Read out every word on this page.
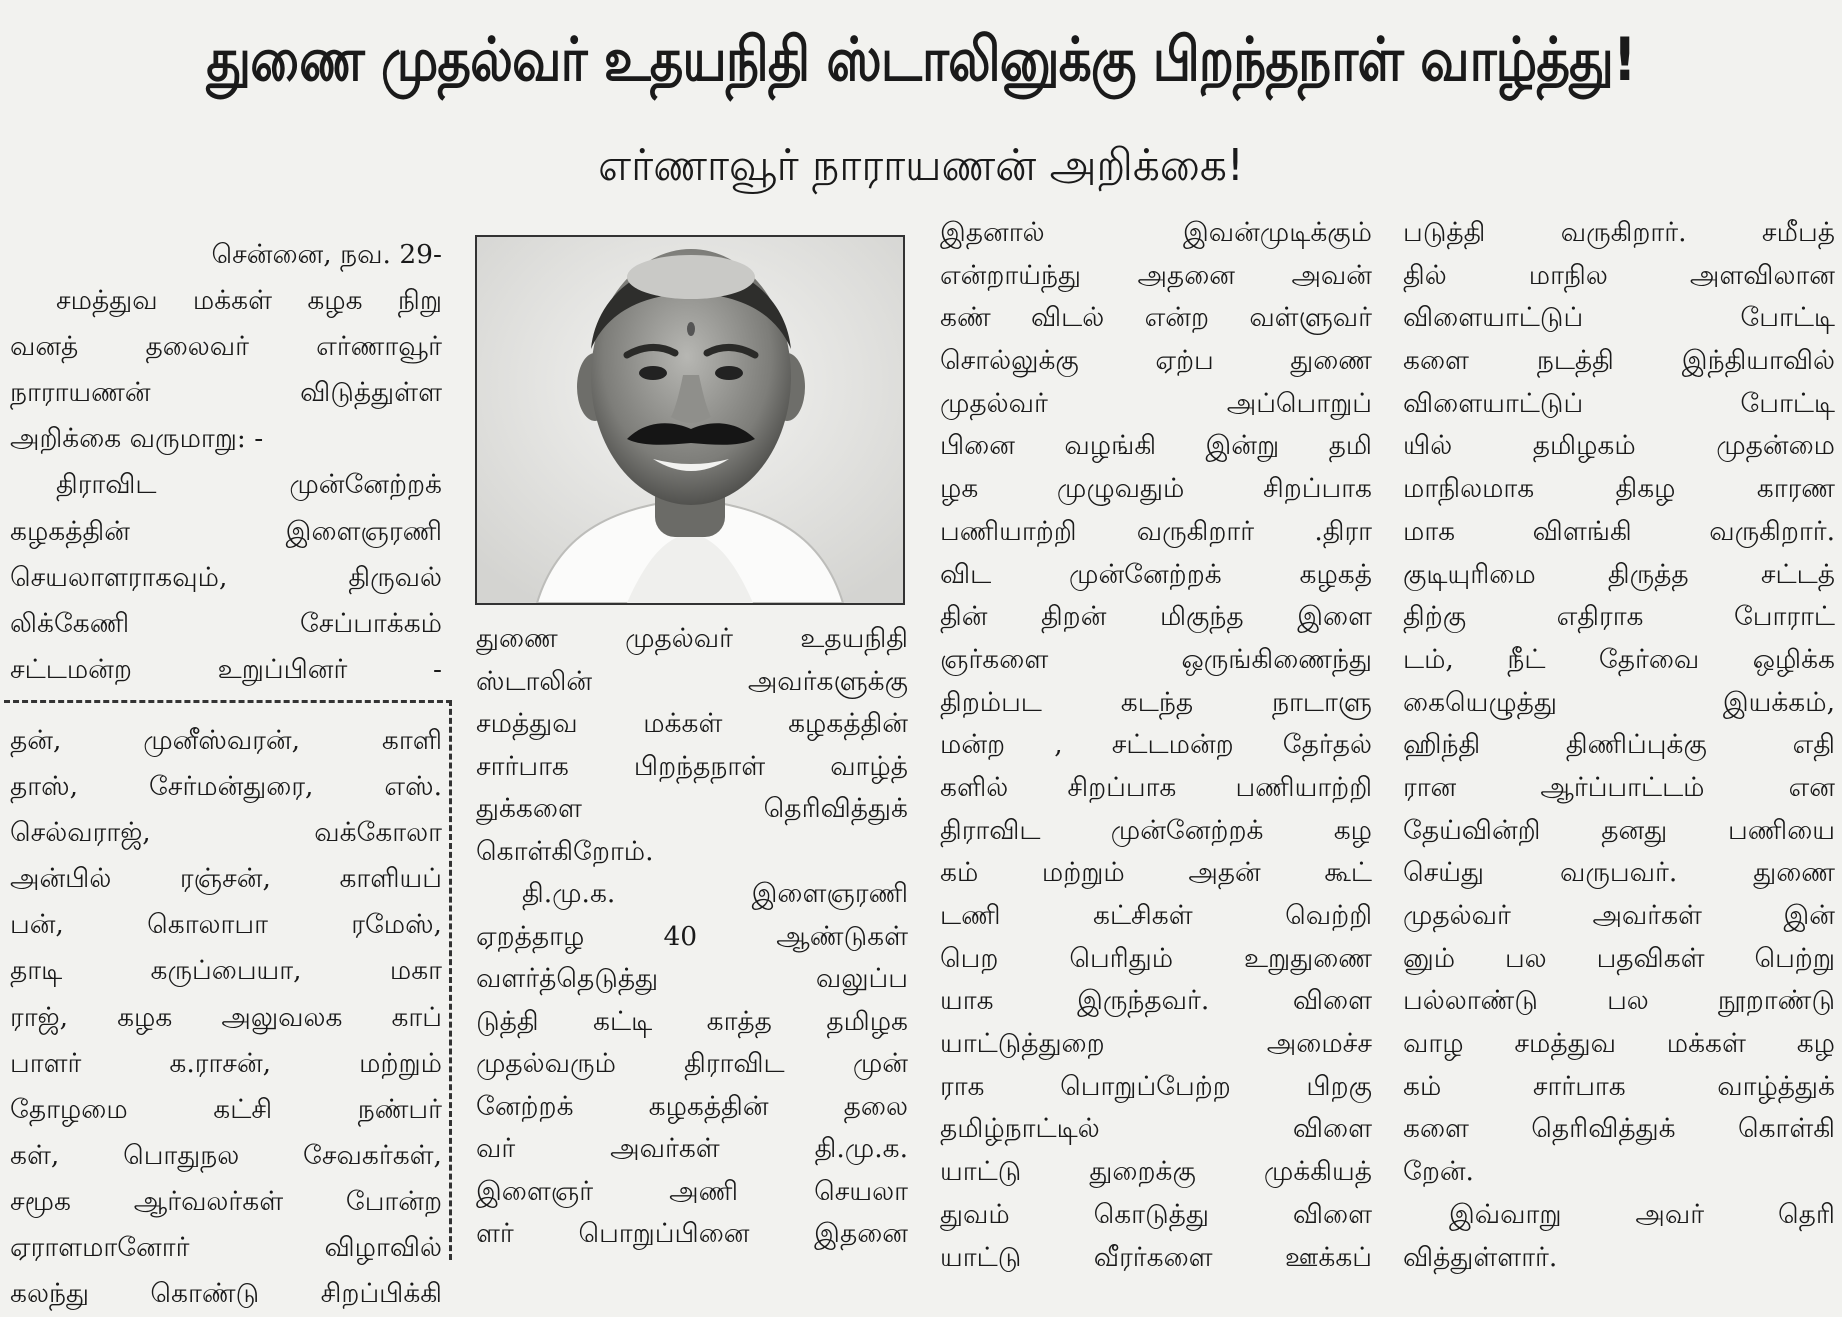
துணை முதல்வர் உதயநிதி ஸ்டாலினுக்கு பிறந்தநாள் வாழ்த்து!
எர்ணாவூர் நாராயணன் அறிக்கை!
சென்னை, நவ. 29-
சமத்துவ மக்கள் கழக நிறு
வனத் தலைவர் எர்ணாவூர்
நாராயணன் விடுத்துள்ள
அறிக்கை வருமாறு: -
திராவிட முன்னேற்றக்
கழகத்தின் இளைஞரணி
செயலாளராகவும், திருவல்
லிக்கேணி சேப்பாக்கம்
சட்டமன்ற உறுப்பினர் -
தன், முனீஸ்வரன், காளி
தாஸ், சேர்மன்துரை, எஸ்.
செல்வராஜ், வக்கோலா
அன்பில் ரஞ்சன், காளியப்
பன், கொலாபா ரமேஸ்,
தாடி கருப்பையா, மகா
ராஜ், கழக அலுவலக காப்
பாளர் க.ராசன், மற்றும்
தோழமை கட்சி நண்பர்
கள், பொதுநல சேவகர்கள்,
சமூக ஆர்வலர்கள் போன்ற
ஏராளமானோர் விழாவில்
கலந்து கொண்டு சிறப்பிக்கி
துணை முதல்வர் உதயநிதி
ஸ்டாலின் அவர்களுக்கு
சமத்துவ மக்கள் கழகத்தின்
சார்பாக பிறந்தநாள் வாழ்த்
துக்களை தெரிவித்துக்
கொள்கிறோம்.
தி.மு.க. இளைஞரணி
ஏறத்தாழ 40 ஆண்டுகள்
வளர்த்தெடுத்து வலுப்ப
டுத்தி கட்டி காத்த தமிழக
முதல்வரும் திராவிட முன்
னேற்றக் கழகத்தின் தலை
வர் அவர்கள் தி.மு.க.
இளைஞர் அணி செயலா
ளர் பொறுப்பினை இதனை
இதனால் இவன்முடிக்கும்
என்றாய்ந்து அதனை அவன்
கண் விடல் என்ற வள்ளுவர்
சொல்லுக்கு ஏற்ப துணை
முதல்வர் அப்பொறுப்
பினை வழங்கி இன்று தமி
ழக முழுவதும் சிறப்பாக
பணியாற்றி வருகிறார் .திரா
விட முன்னேற்றக் கழகத்
தின் திறன் மிகுந்த இளை
ஞர்களை ஒருங்கிணைந்து
திறம்பட கடந்த நாடாளு
மன்ற , சட்டமன்ற தேர்தல்
களில் சிறப்பாக பணியாற்றி
திராவிட முன்னேற்றக் கழ
கம் மற்றும் அதன் கூட்
டணி கட்சிகள் வெற்றி
பெற பெரிதும் உறுதுணை
யாக இருந்தவர். விளை
யாட்டுத்துறை அமைச்ச
ராக பொறுப்பேற்ற பிறகு
தமிழ்நாட்டில் விளை
யாட்டு துறைக்கு முக்கியத்
துவம் கொடுத்து விளை
யாட்டு வீரர்களை ஊக்கப்
படுத்தி வருகிறார். சமீபத்
தில் மாநில அளவிலான
விளையாட்டுப் போட்டி
களை நடத்தி இந்தியாவில்
விளையாட்டுப் போட்டி
யில் தமிழகம் முதன்மை
மாநிலமாக திகழ காரண
மாக விளங்கி வருகிறார்.
குடியுரிமை திருத்த சட்டத்
திற்கு எதிராக போராட்
டம், நீட் தேர்வை ஒழிக்க
கையெழுத்து இயக்கம்,
ஹிந்தி திணிப்புக்கு எதி
ரான ஆர்ப்பாட்டம் என
தேய்வின்றி தனது பணியை
செய்து வருபவர். துணை
முதல்வர் அவர்கள் இன்
னும் பல பதவிகள் பெற்று
பல்லாண்டு பல நூறாண்டு
வாழ சமத்துவ மக்கள் கழ
கம் சார்பாக வாழ்த்துக்
களை தெரிவித்துக் கொள்கி
றேன்.
இவ்வாறு அவர் தெரி
வித்துள்ளார்.
